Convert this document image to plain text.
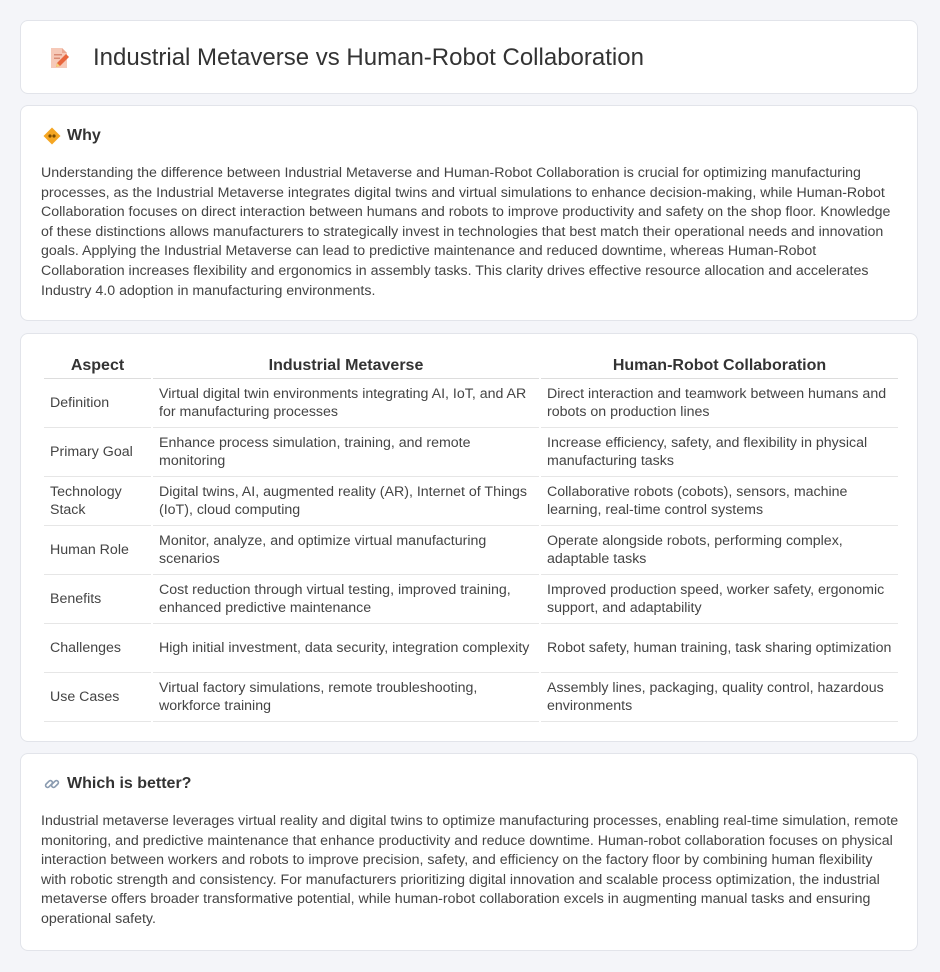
Industrial Metaverse vs Human-Robot Collaboration
Why
Understanding the difference between Industrial Metaverse and Human-Robot Collaboration is crucial for optimizing manufacturing processes, as the Industrial Metaverse integrates digital twins and virtual simulations to enhance decision-making, while Human-Robot Collaboration focuses on direct interaction between humans and robots to improve productivity and safety on the shop floor. Knowledge of these distinctions allows manufacturers to strategically invest in technologies that best match their operational needs and innovation goals. Applying the Industrial Metaverse can lead to predictive maintenance and reduced downtime, whereas Human-Robot Collaboration increases flexibility and ergonomics in assembly tasks. This clarity drives effective resource allocation and accelerates Industry 4.0 adoption in manufacturing environments.
Aspect	Industrial Metaverse	Human-Robot Collaboration
Definition	Virtual digital twin environments integrating AI, IoT, and AR for manufacturing processes	Direct interaction and teamwork between humans and robots on production lines
Primary Goal	Enhance process simulation, training, and remote monitoring	Increase efficiency, safety, and flexibility in physical manufacturing tasks
Technology Stack	Digital twins, AI, augmented reality (AR), Internet of Things (IoT), cloud computing	Collaborative robots (cobots), sensors, machine learning, real-time control systems
Human Role	Monitor, analyze, and optimize virtual manufacturing scenarios	Operate alongside robots, performing complex, adaptable tasks
Benefits	Cost reduction through virtual testing, improved training, enhanced predictive maintenance	Improved production speed, worker safety, ergonomic support, and adaptability
Challenges	High initial investment, data security, integration complexity	Robot safety, human training, task sharing optimization
Use Cases	Virtual factory simulations, remote troubleshooting, workforce training	Assembly lines, packaging, quality control, hazardous environments
Which is better?
Industrial metaverse leverages virtual reality and digital twins to optimize manufacturing processes, enabling real-time simulation, remote monitoring, and predictive maintenance that enhance productivity and reduce downtime. Human-robot collaboration focuses on physical interaction between workers and robots to improve precision, safety, and efficiency on the factory floor by combining human flexibility with robotic strength and consistency. For manufacturers prioritizing digital innovation and scalable process optimization, the industrial metaverse offers broader transformative potential, while human-robot collaboration excels in augmenting manual tasks and ensuring operational safety.
